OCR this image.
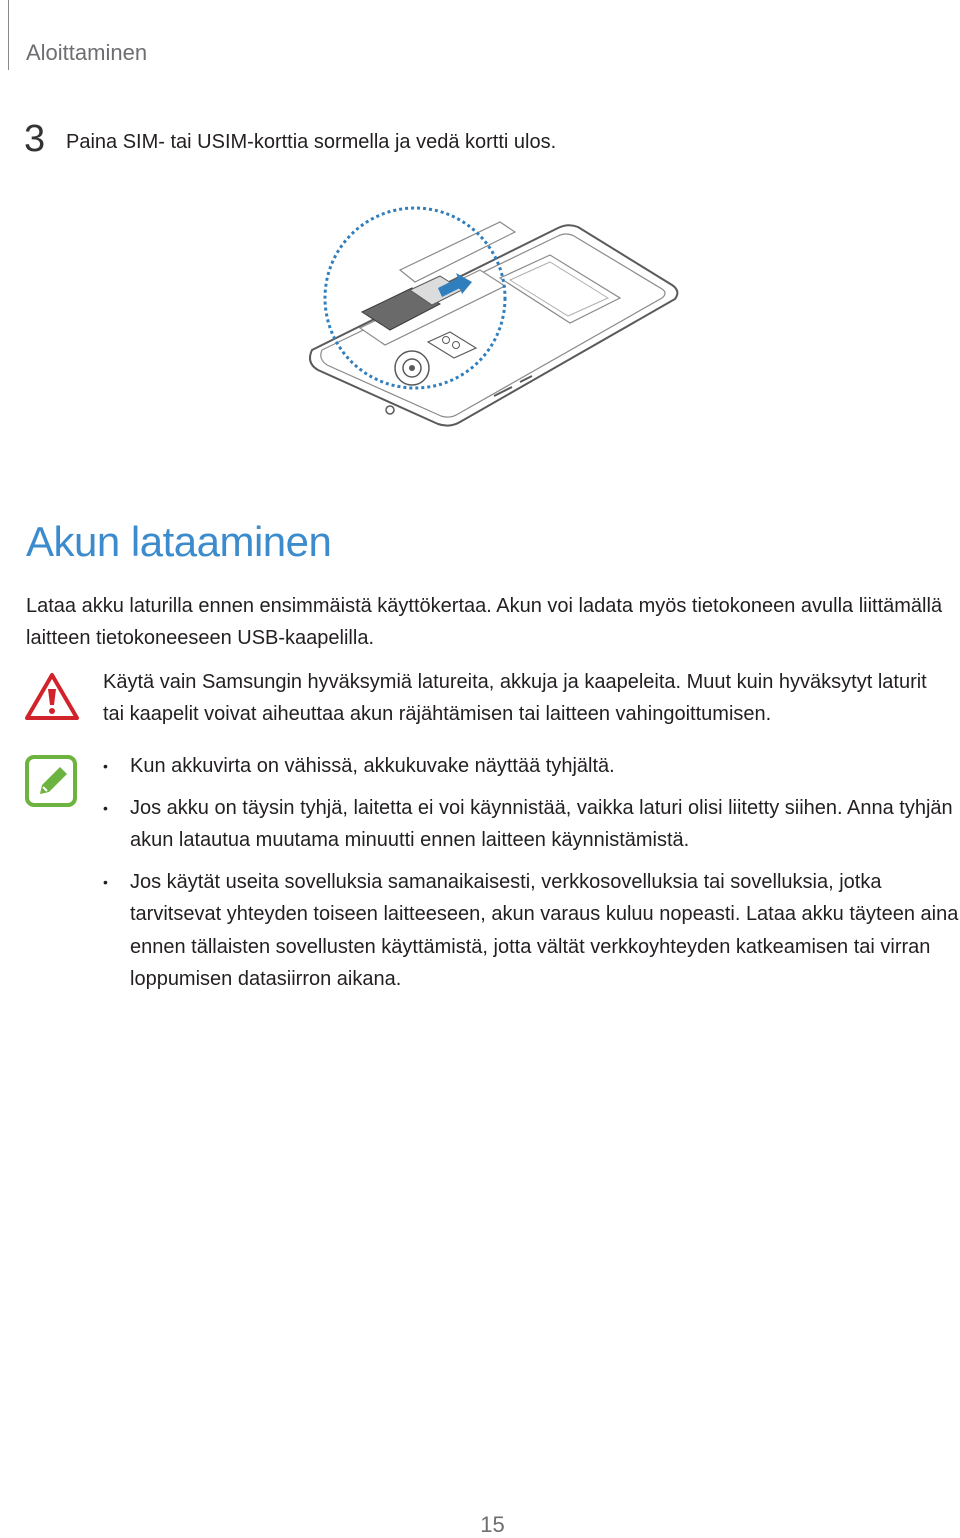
Aloittaminen
3 Paina SIM- tai USIM-korttia sormella ja vedä kortti ulos.
Akun lataaminen
Lataa akku laturilla ennen ensimmäistä käyttökertaa. Akun voi ladata myös tietokoneen avulla liittämällä laitteen tietokoneeseen USB-kaapelilla.
Käytä vain Samsungin hyväksymiä latureita, akkuja ja kaapeleita. Muut kuin hyväksytyt laturit tai kaapelit voivat aiheuttaa akun räjähtämisen tai laitteen vahingoittumisen.
• Kun akkuvirta on vähissä, akkukuvake näyttää tyhjältä.
• Jos akku on täysin tyhjä, laitetta ei voi käynnistää, vaikka laturi olisi liitetty siihen. Anna tyhjän akun latautua muutama minuutti ennen laitteen käynnistämistä.
• Jos käytät useita sovelluksia samanaikaisesti, verkkosovelluksia tai sovelluksia, jotka tarvitsevat yhteyden toiseen laitteeseen, akun varaus kuluu nopeasti. Lataa akku täyteen aina ennen tällaisten sovellusten käyttämistä, jotta vältät verkkoyhteyden katkeamisen tai virran loppumisen datasiirron aikana.
15
